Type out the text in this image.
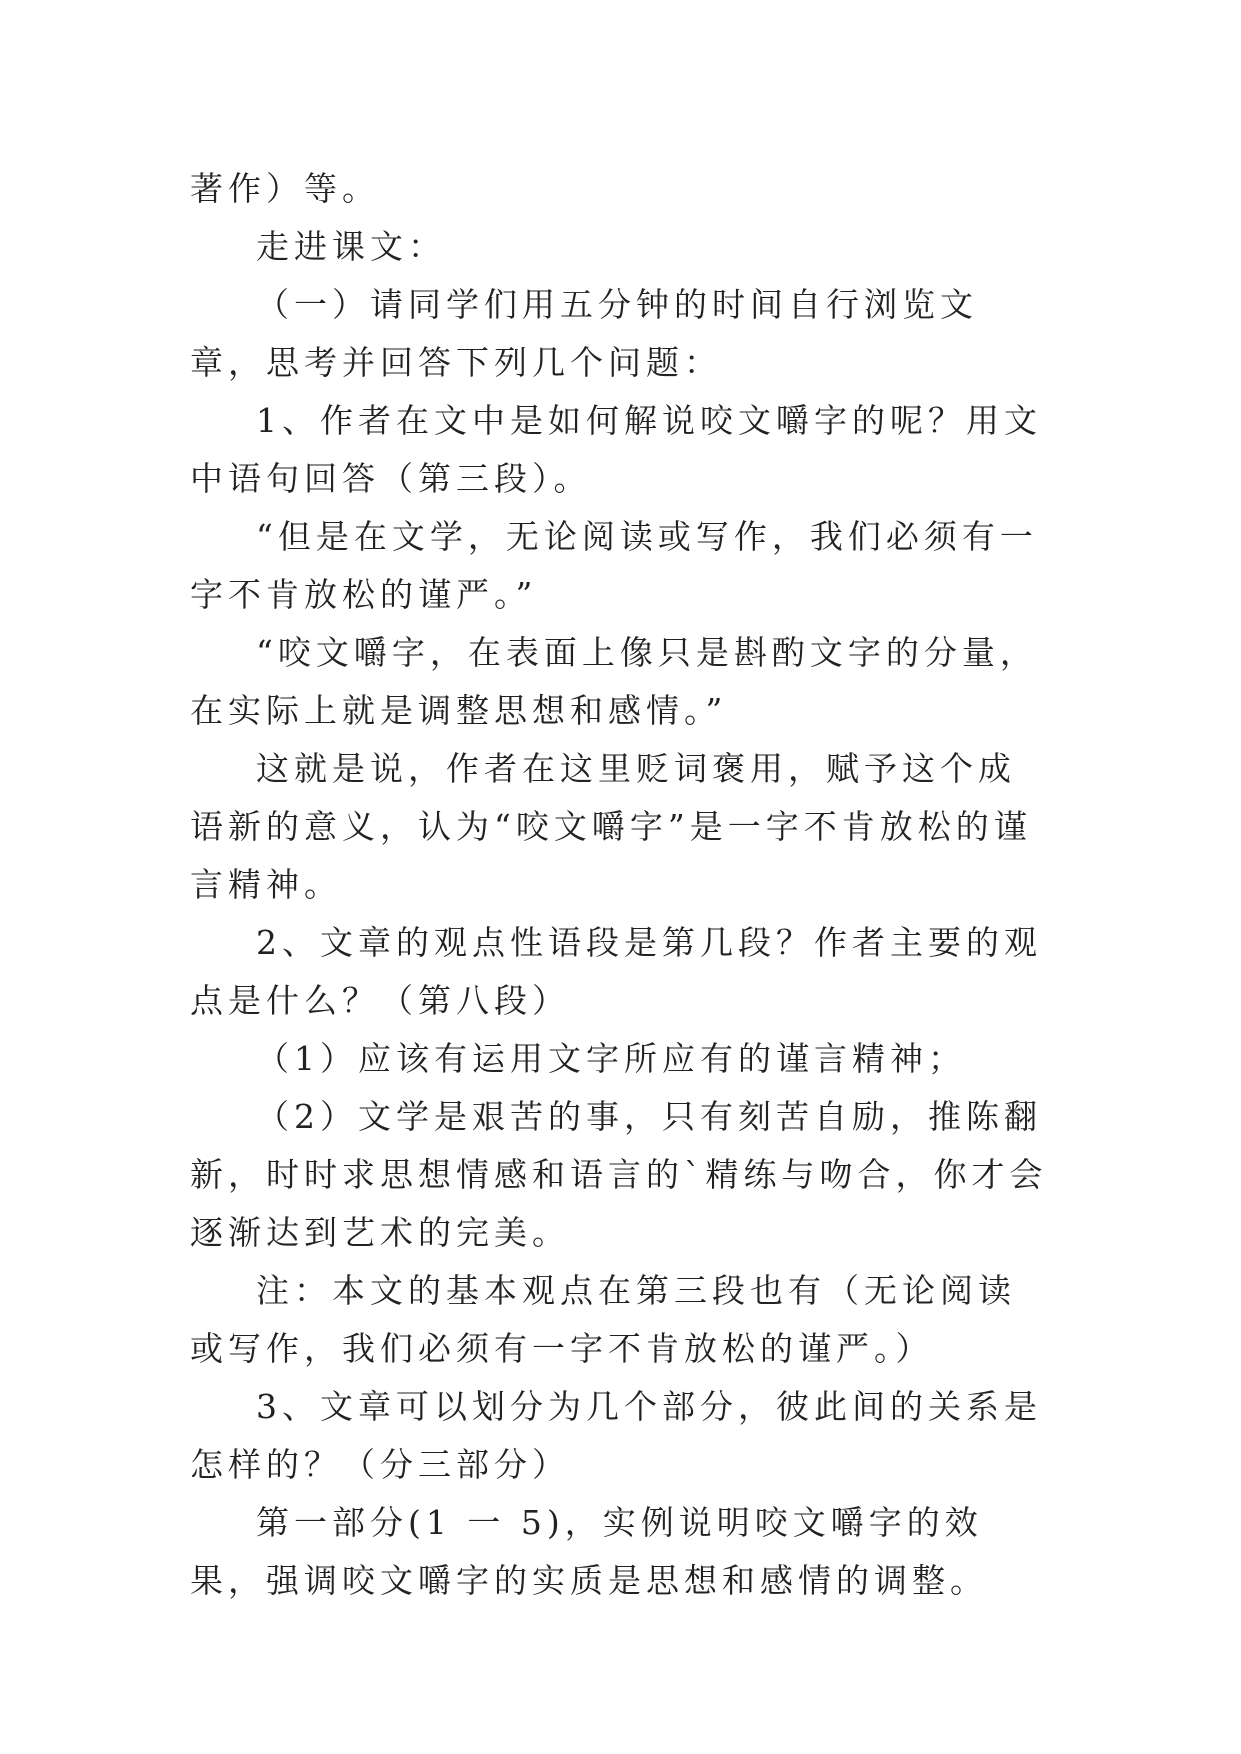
著作）等。

走进课文：

（一）请同学们用五分钟的时间自行浏览文章，思考并回答下列几个问题：

1、作者在文中是如何解说咬文嚼字的呢？用文中语句回答（第三段）。

“但是在文学，无论阅读或写作，我们必须有一字不肯放松的谨严。”

“咬文嚼字，在表面上像只是斟酌文字的分量，在实际上就是调整思想和感情。”

这就是说，作者在这里贬词褒用，赋予这个成语新的意义，认为“咬文嚼字”是一字不肯放松的谨言精神。

2、文章的观点性语段是第几段？作者主要的观点是什么？（第八段）

（1）应该有运用文字所应有的谨言精神；

（2）文学是艰苦的事，只有刻苦自励，推陈翻新，时时求思想情感和语言的`精练与吻合，你才会逐渐达到艺术的完美。

注：本文的基本观点在第三段也有（无论阅读或写作，我们必须有一字不肯放松的谨严。）

3、文章可以划分为几个部分，彼此间的关系是怎样的？（分三部分）

第一部分(1 一 5)，实例说明咬文嚼字的效果，强调咬文嚼字的实质是思想和感情的调整。
